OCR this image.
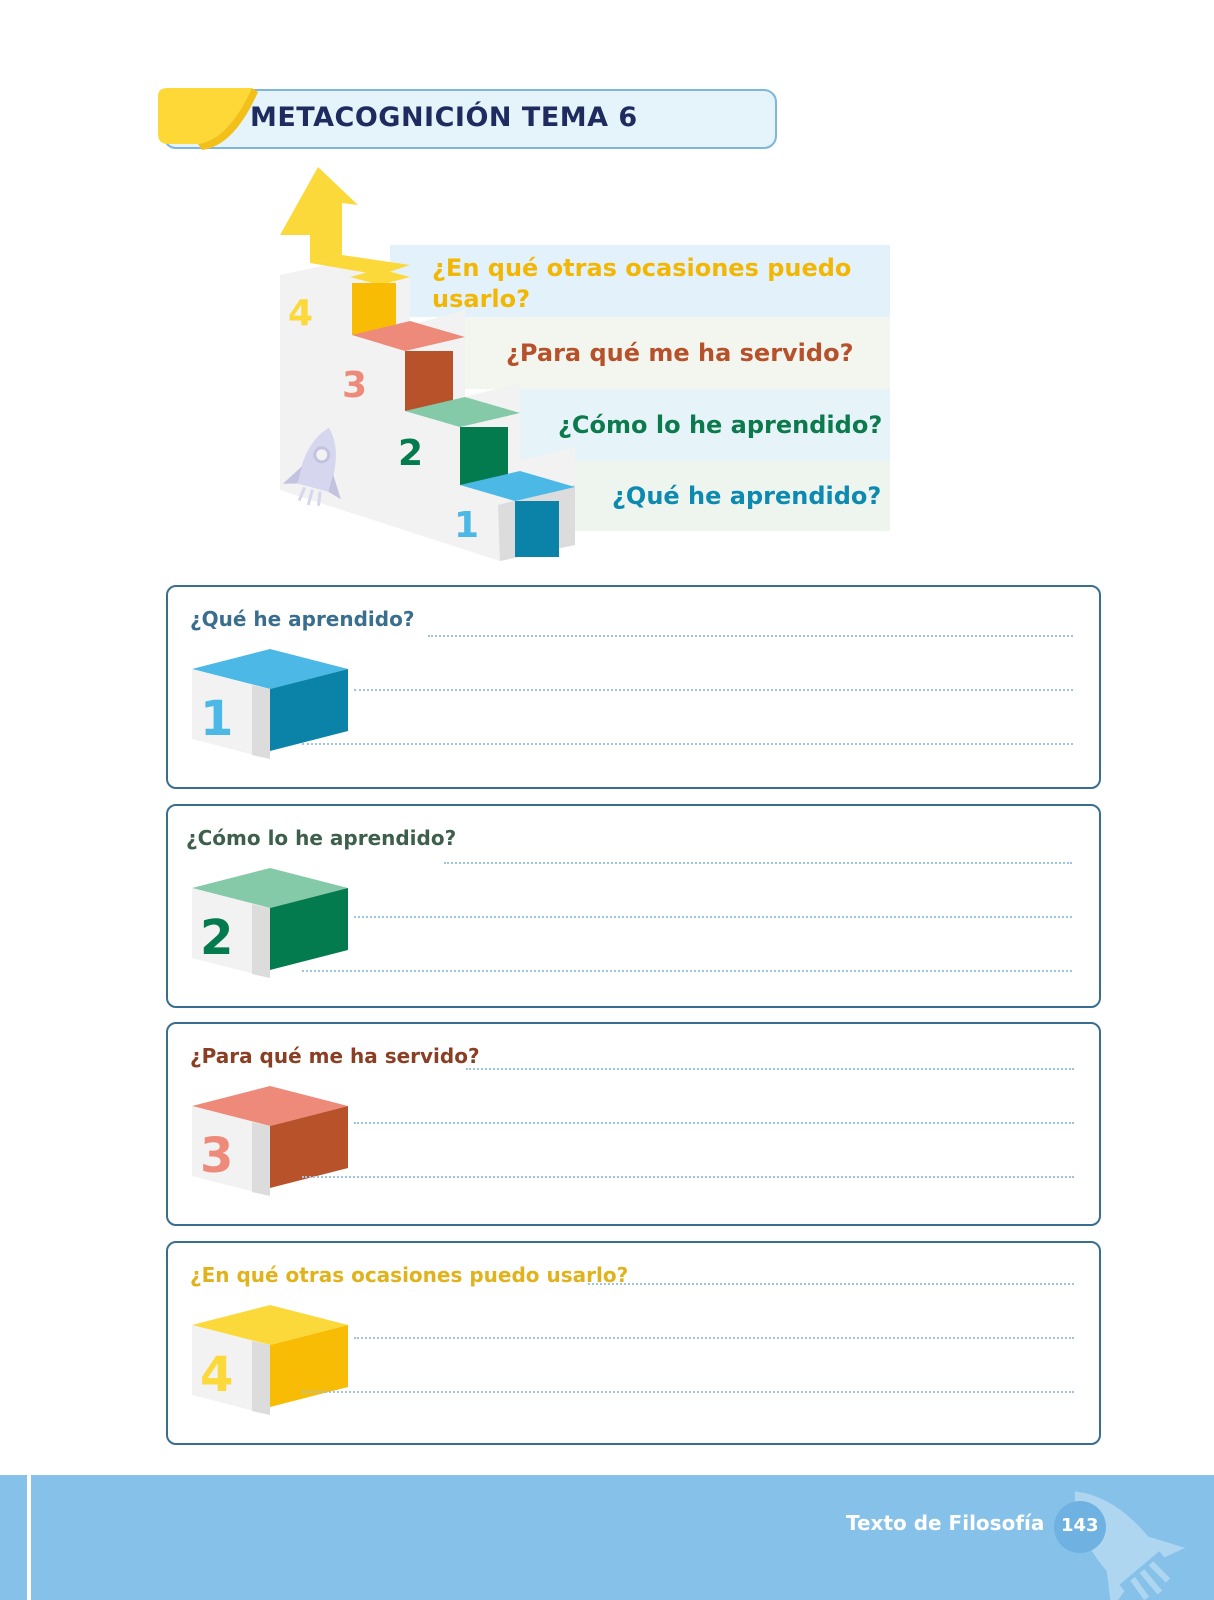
METACOGNICIÓN TEMA 6
4
3
2
1
¿En qué otras ocasiones puedo
usarlo?
¿Para qué me ha servido?
¿Cómo lo he aprendido?
¿Qué he aprendido?
¿Qué he aprendido?
1
¿Cómo lo he aprendido?
2
¿Para qué me ha servido?
3
¿En qué otras ocasiones puedo usarlo?
4
Texto de Filosofía 143
